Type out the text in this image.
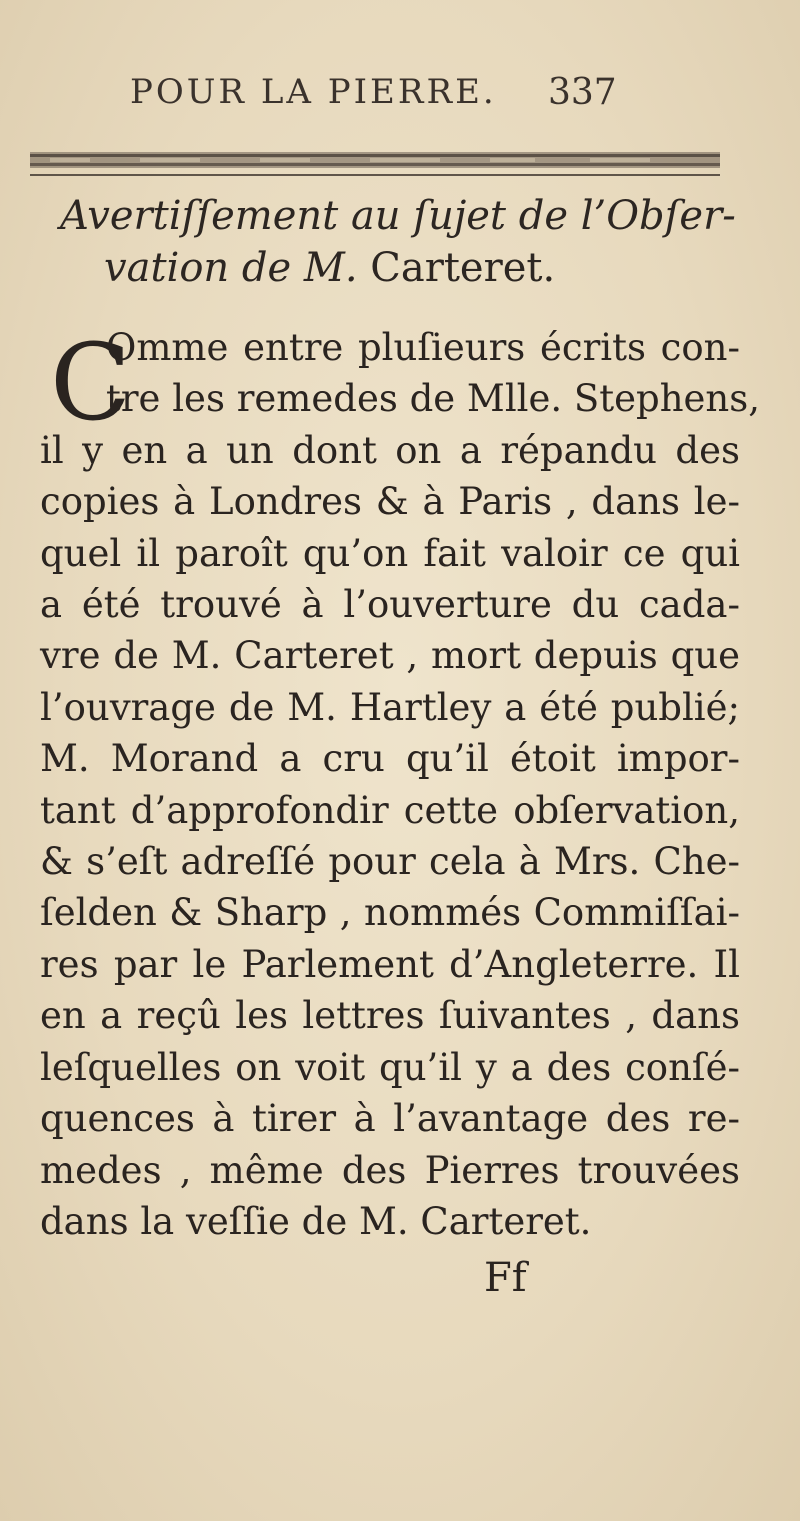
POUR LA PIERRE. 337
Avertiſſement au ſujet de l’Obſer-
vation de M. Carteret.
C
Omme entre pluſieurs écrits con-
tre les remedes de Mlle. Stephens,
il y en a un dont on a répandu des
copies à Londres & à Paris , dans le-
quel il paroît qu’on fait valoir ce qui
a été trouvé à l’ouverture du cada-
vre de M. Carteret , mort depuis que
l’ouvrage de M. Hartley a été publié;
M. Morand a cru qu’il étoit impor-
tant d’approfondir cette obſervation,
& s’eſt adreſſé pour cela à Mrs. Che-
ſelden & Sharp , nommés Commiſſai-
res par le Parlement d’Angleterre. Il
en a reçû les lettres ſuivantes , dans
leſquelles on voit qu’il y a des conſé-
quences à tirer à l’avantage des re-
medes , même des Pierres trouvées
dans la veſſie de M. Carteret.
Ff
